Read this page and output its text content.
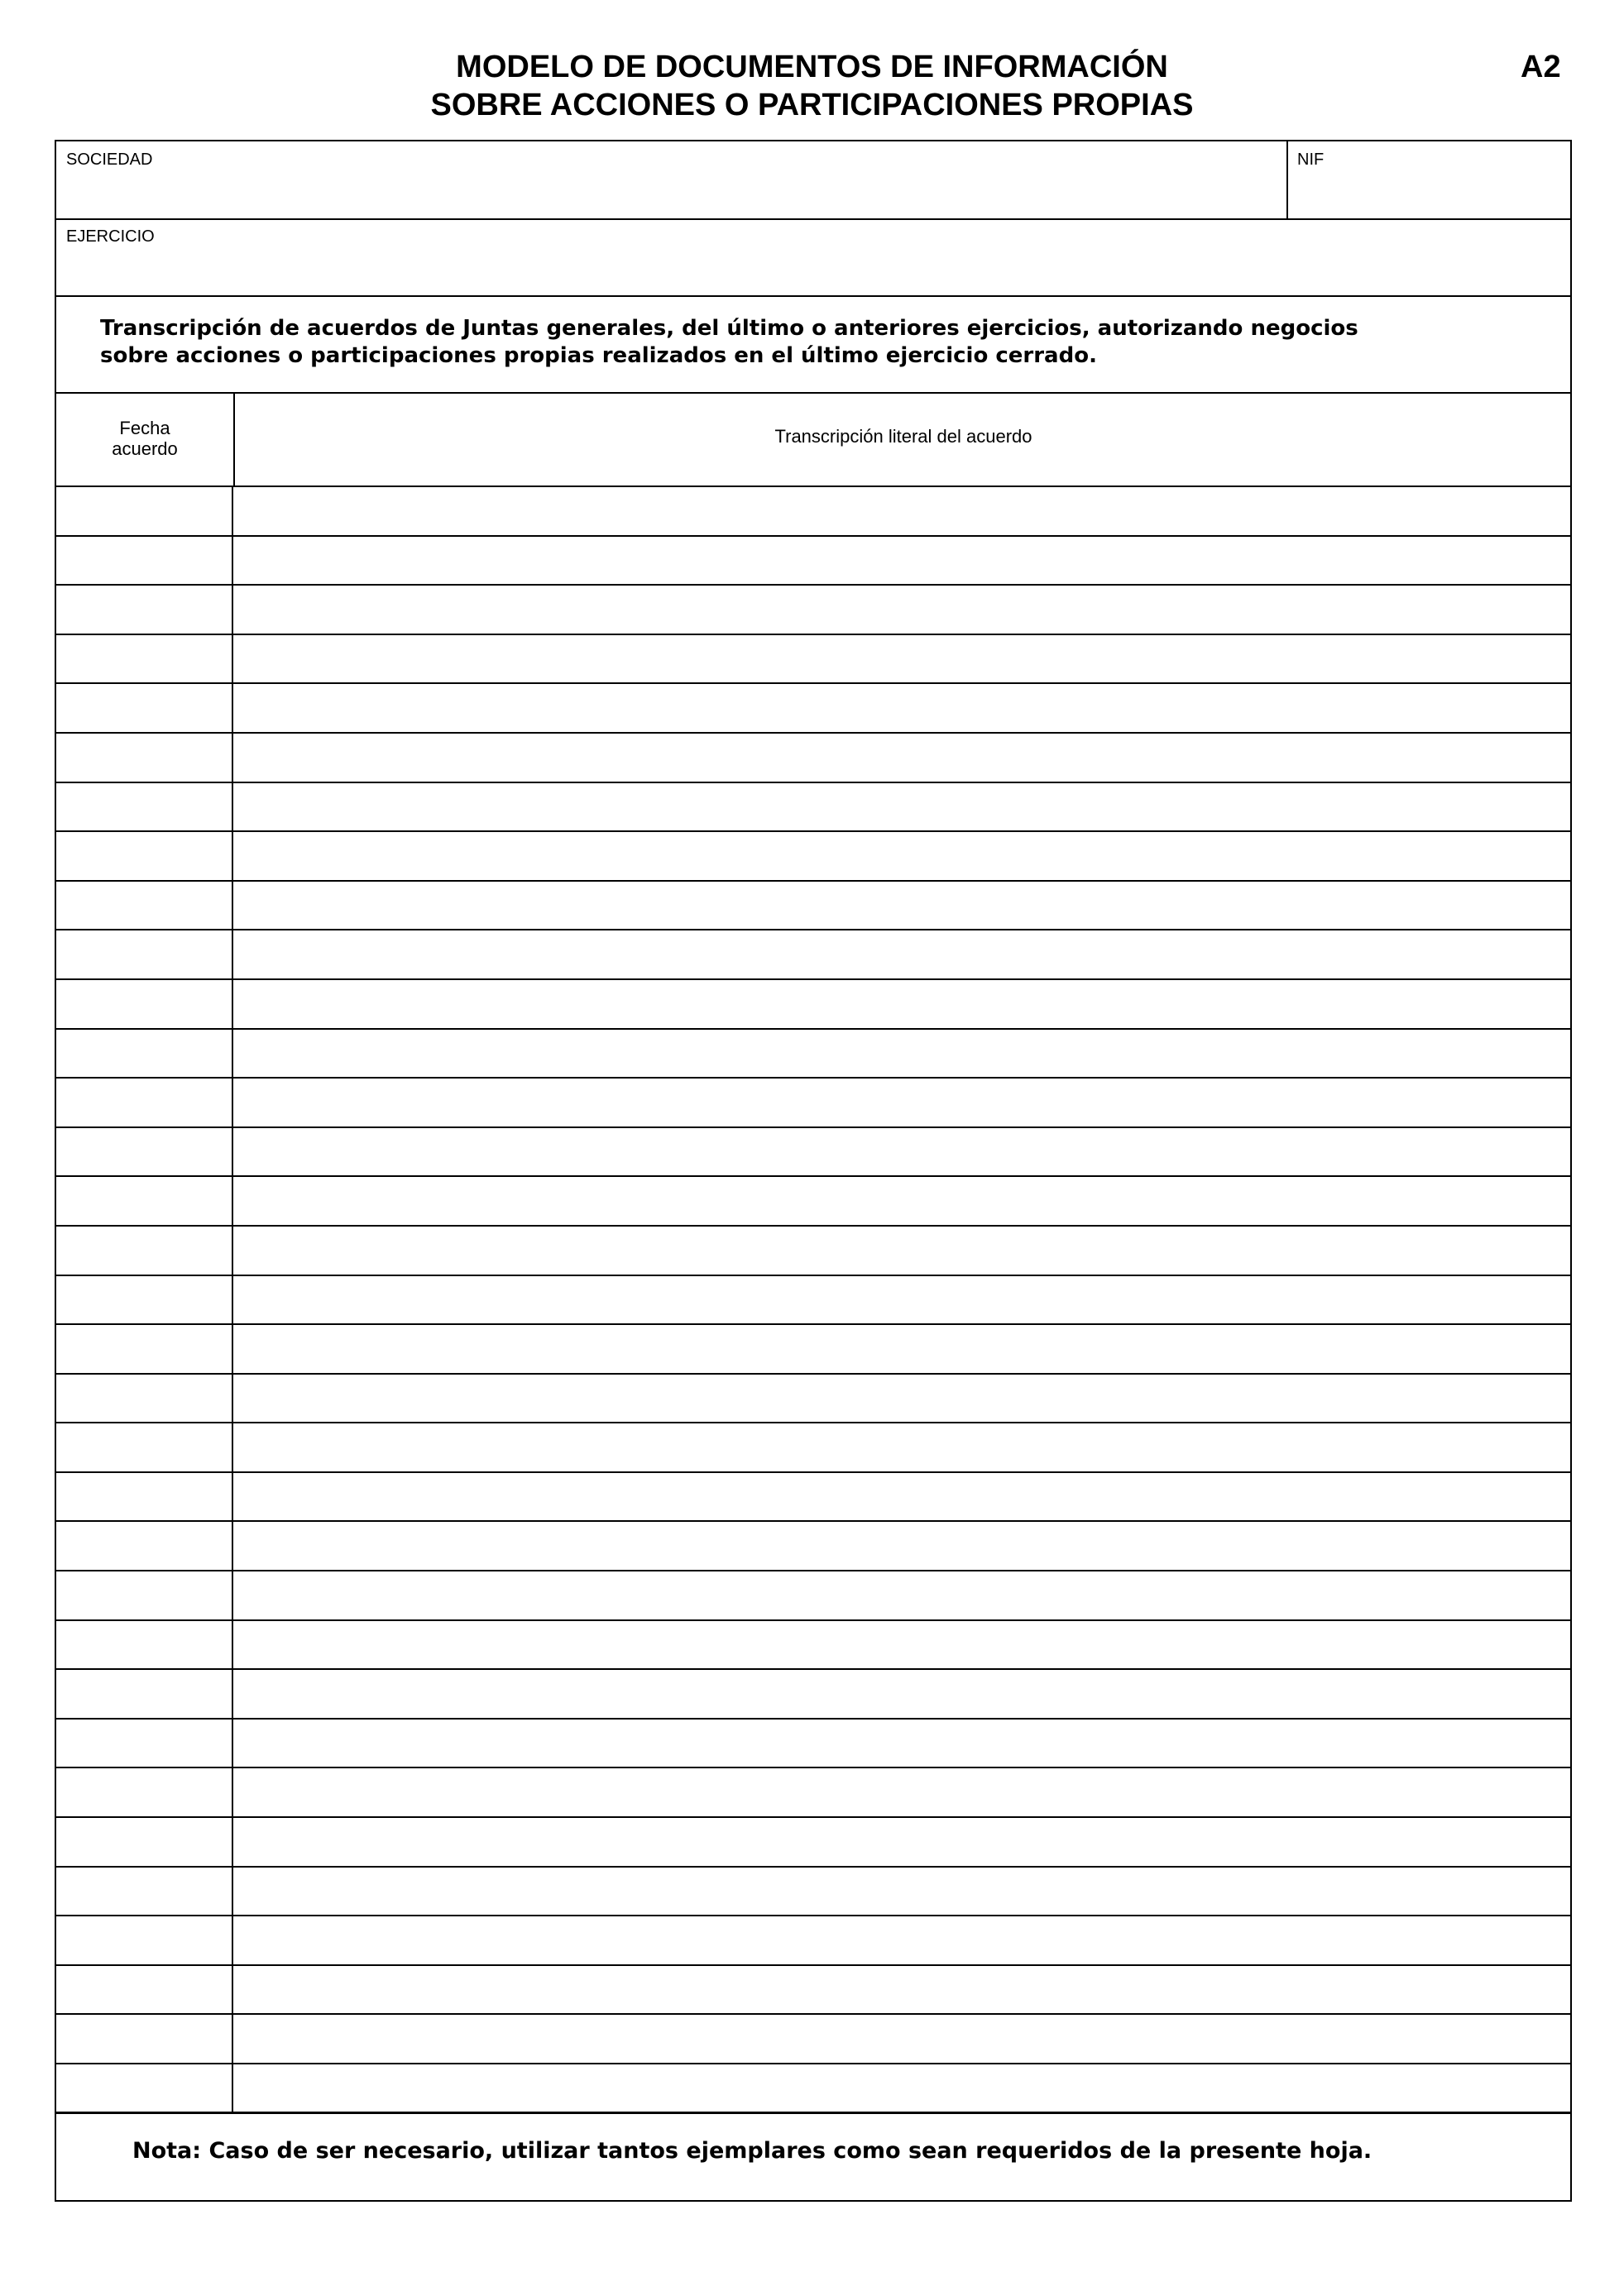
MODELO DE DOCUMENTOS DE INFORMACIÓN
SOBRE ACCIONES O PARTICIPACIONES PROPIAS
A2
SOCIEDAD	NIF
EJERCICIO
Transcripción de acuerdos de Juntas generales, del último o anteriores ejercicios, autorizando negocios
sobre acciones o participaciones propias realizados en el último ejercicio cerrado.
Fecha
acuerdo
Transcripción literal del acuerdo
Nota: Caso de ser necesario, utilizar tantos ejemplares como sean requeridos de la presente hoja.
